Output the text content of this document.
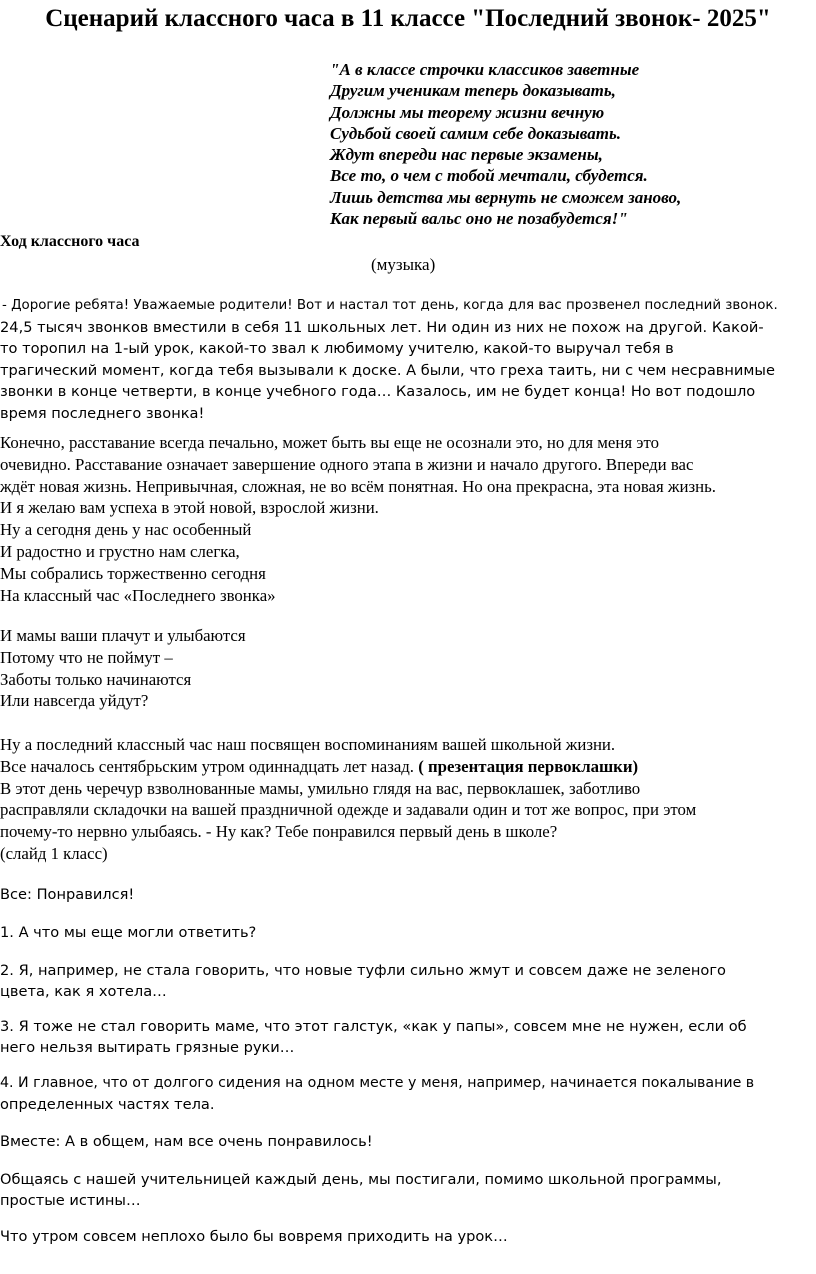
Сценарий классного часа в 11 классе "Последний звонок- 2025"
"А в классе строчки классиков заветные
Другим ученикам теперь доказывать,
Должны мы теорему жизни вечную
Судьбой своей самим себе доказывать.
Ждут впереди нас первые экзамены,
Все то, о чем с тобой мечтали, сбудется.
Лишь детства мы вернуть не сможем заново,
Как первый вальс оно не позабудется!"
Ход классного часа
(музыка)
- Дорогие ребята! Уважаемые родители! Вот и настал тот день, когда для вас прозвенел последний звонок.
24,5 тысяч звонков вместили в себя 11 школьных лет. Ни один из них не похож на другой. Какой-
то торопил на 1-ый урок, какой-то звал к любимому учителю, какой-то выручал тебя в
трагический момент, когда тебя вызывали к доске. А были, что греха таить, ни с чем несравнимые
звонки в конце четверти, в конце учебного года… Казалось, им не будет конца! Но вот подошло
время последнего звонка!
Конечно, расставание всегда печально, может быть вы еще не осознали это, но для меня это
очевидно. Расставание означает завершение одного этапа в жизни и начало другого. Впереди вас
ждёт новая жизнь. Непривычная, сложная, не во всём понятная. Но она прекрасна, эта новая жизнь.
И я желаю вам успеха в этой новой, взрослой жизни.
Ну а сегодня день у нас особенный
И радостно и грустно нам слегка,
Мы собрались торжественно сегодня
На классный час «Последнего звонка»
И мамы ваши плачут и улыбаются
Потому что не поймут –
Заботы только начинаются
Или навсегда уйдут?
Ну а последний классный час наш посвящен воспоминаниям вашей школьной жизни.
Все началось сентябрьским утром одиннадцать лет назад. ( презентация первоклашки)
В этот день черечур взволнованные мамы, умильно глядя на вас, первоклашек, заботливо
расправляли складочки на вашей праздничной одежде и задавали один и тот же вопрос, при этом
почему-то нервно улыбаясь. - Ну как? Тебе понравился первый день в школе?
(слайд 1 класс)
Все: Понравился!
1. А что мы еще могли ответить?
2. Я, например, не стала говорить, что новые туфли сильно жмут и совсем даже не зеленого
цвета, как я хотела…
3. Я тоже не стал говорить маме, что этот галстук, «как у папы», совсем мне не нужен, если об
него нельзя вытирать грязные руки…
4. И главное, что от долгого сидения на одном месте у меня, например, начинается покалывание в
определенных частях тела.
Вместе: А в общем, нам все очень понравилось!
Общаясь с нашей учительницей каждый день, мы постигали, помимо школьной программы,
простые истины…
Что утром совсем неплохо было бы вовремя приходить на урок…
